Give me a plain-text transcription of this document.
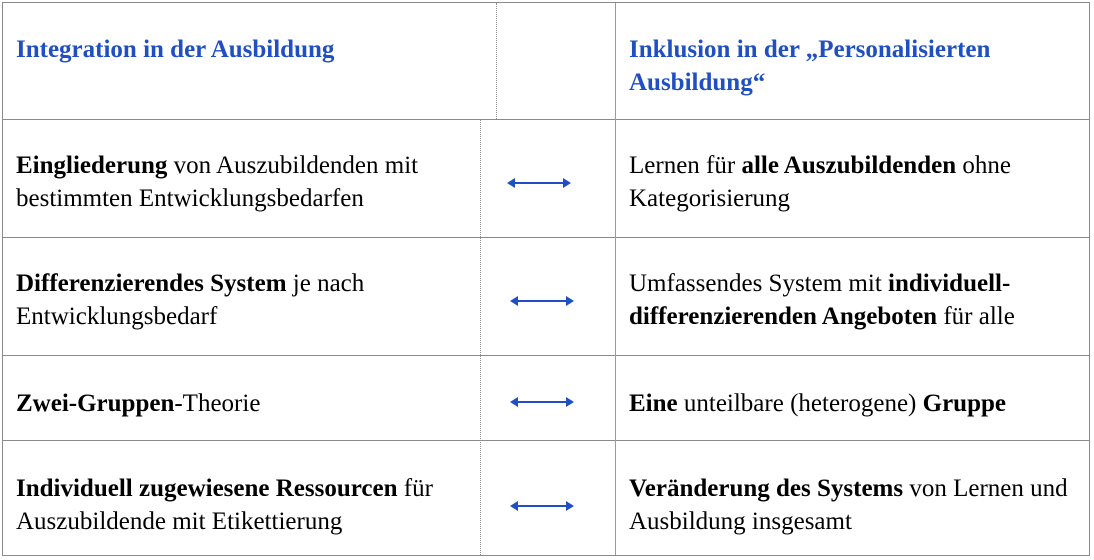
Integration in der Ausbildung	Inklusion in der „Personalisierten Ausbildung“
Eingliederung von Auszubildenden mit bestimmten Entwicklungsbedarfen
Lernen für alle Auszubildenden ohne Kategorisierung
Differenzierendes System je nach Entwicklungsbedarf
Umfassendes System mit individuell-differenzierenden Angeboten für alle
Zwei-Gruppen-Theorie	Eine unteilbare (heterogene) Gruppe
Individuell zugewiesene Ressourcen für Auszubildende mit Etikettierung
Veränderung des Systems von Lernen und Ausbildung insgesamt
